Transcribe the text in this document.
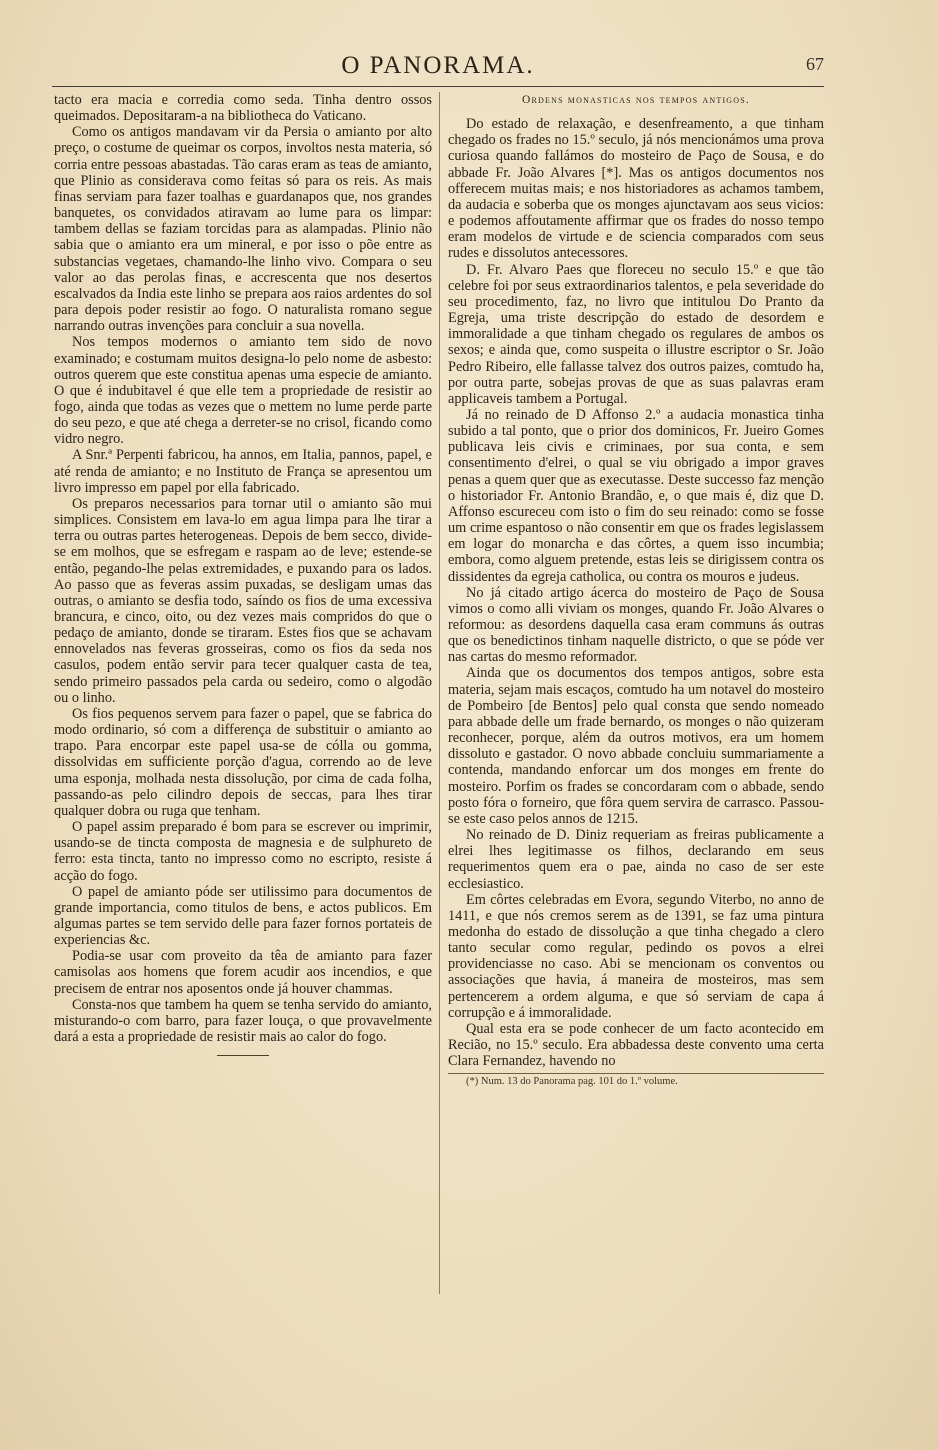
O PANORAMA.	67

tacto era macia e corredia como seda. Tinha dentro ossos queimados. Depositaram-a na bibliotheca do Vaticano.

Como os antigos mandavam vir da Persia o amianto por alto preço, o costume de queimar os corpos, involtos nesta materia, só corria entre pessoas abastadas. Tão caras eram as teas de amianto, que Plinio as considerava como feitas só para os reis. As mais finas serviam para fazer toalhas e guardanapos que, nos grandes banquetes, os convidados atiravam ao lume para os limpar: tambem dellas se faziam torcidas para as alampadas. Plinio não sabia que o amianto era um mineral, e por isso o põe entre as substancias vegetaes, chamando-lhe linho vivo. Compara o seu valor ao das perolas finas, e accrescenta que nos desertos escalvados da India este linho se prepara aos raios ardentes do sol para depois poder resistir ao fogo. O naturalista romano segue narrando outras invenções para concluir a sua novella.

Nos tempos modernos o amianto tem sido de novo examinado; e costumam muitos designa-lo pelo nome de asbesto: outros querem que este constitua apenas uma especie de amianto. O que é indubitavel é que elle tem a propriedade de resistir ao fogo, ainda que todas as vezes que o mettem no lume perde parte do seu pezo, e que até chega a derreter-se no crisol, ficando como vidro negro.

A Snr.ª Perpenti fabricou, ha annos, em Italia, pannos, papel, e até renda de amianto; e no Instituto de França se apresentou um livro impresso em papel por ella fabricado.

Os preparos necessarios para tornar util o amianto são mui simplices. Consistem em lava-lo em agua limpa para lhe tirar a terra ou outras partes heterogeneas. Depois de bem secco, divide-se em molhos, que se esfregam e raspam ao de leve; estende-se então, pegando-lhe pelas extremidades, e puxando para os lados. Ao passo que as feveras assim puxadas, se desligam umas das outras, o amianto se desfia todo, saíndo os fios de uma excessiva brancura, e cinco, oito, ou dez vezes mais compridos do que o pedaço de amianto, donde se tiraram. Estes fios que se achavam ennovelados nas feveras grosseiras, como os fios da seda nos casulos, podem então servir para tecer qualquer casta de tea, sendo primeiro passados pela carda ou sedeiro, como o algodão ou o linho.

Os fios pequenos servem para fazer o papel, que se fabrica do modo ordinario, só com a differença de substituir o amianto ao trapo. Para encorpar este papel usa-se de cólla ou gomma, dissolvidas em sufficiente porção d'agua, correndo ao de leve uma esponja, molhada nesta dissolução, por cima de cada folha, passando-as pelo cilindro depois de seccas, para lhes tirar qualquer dobra ou ruga que tenham.

O papel assim preparado é bom para se escrever ou imprimir, usando-se de tincta composta de magnesia e de sulphureto de ferro: esta tincta, tanto no impresso como no escripto, resiste á acção do fogo.

O papel de amianto póde ser utilissimo para documentos de grande importancia, como titulos de bens, e actos publicos. Em algumas partes se tem servido delle para fazer fornos portateis de experiencias &c.

Podia-se usar com proveito da têa de amianto para fazer camisolas aos homens que forem acudir aos incendios, e que precisem de entrar nos aposentos onde já houver chammas.

Consta-nos que tambem ha quem se tenha servido do amianto, misturando-o com barro, para fazer louça, o que provavelmente dará a esta a propriedade de resistir mais ao calor do fogo.

Ordens monasticas nos tempos antigos.

Do estado de relaxação, e desenfreamento, a que tinham chegado os frades no 15.º seculo, já nós mencionámos uma prova curiosa quando fallámos do mosteiro de Paço de Sousa, e do abbade Fr. João Alvares [*]. Mas os antigos documentos nos offerecem muitas mais; e nos historiadores as achamos tambem, da audacia e soberba que os monges ajunctavam aos seus vicios: e podemos affoutamente affirmar que os frades do nosso tempo eram modelos de virtude e de sciencia comparados com seus rudes e dissolutos antecessores.

D. Fr. Alvaro Paes que floreceu no seculo 15.º e que tão celebre foi por seus extraordinarios talentos, e pela severidade do seu procedimento, faz, no livro que intitulou Do Pranto da Egreja, uma triste descripção do estado de desordem e immoralidade a que tinham chegado os regulares de ambos os sexos; e ainda que, como suspeita o illustre escriptor o Sr. João Pedro Ribeiro, elle fallasse talvez dos outros paizes, comtudo ha, por outra parte, sobejas provas de que as suas palavras eram applicaveis tambem a Portugal.

Já no reinado de D Affonso 2.º a audacia monastica tinha subido a tal ponto, que o prior dos dominicos, Fr. Jueiro Gomes publicava leis civis e criminaes, por sua conta, e sem consentimento d'elrei, o qual se viu obrigado a impor graves penas a quem quer que as executasse. Deste successo faz menção o historiador Fr. Antonio Brandão, e, o que mais é, diz que D. Affonso escureceu com isto o fim do seu reinado: como se fosse um crime espantoso o não consentir em que os frades legislassem em logar do monarcha e das côrtes, a quem isso incumbia; embora, como alguem pretende, estas leis se dirigissem contra os dissidentes da egreja catholica, ou contra os mouros e judeus.

No já citado artigo ácerca do mosteiro de Paço de Sousa vimos o como alli viviam os monges, quando Fr. João Alvares o reformou: as desordens daquella casa eram communs ás outras que os benedictinos tinham naquelle districto, o que se póde ver nas cartas do mesmo reformador.

Ainda que os documentos dos tempos antigos, sobre esta materia, sejam mais escaços, comtudo ha um notavel do mosteiro de Pombeiro [de Bentos] pelo qual consta que sendo nomeado para abbade delle um frade bernardo, os monges o não quizeram reconhecer, porque, além da outros motivos, era um homem dissoluto e gastador. O novo abbade concluiu summariamente a contenda, mandando enforcar um dos monges em frente do mosteiro. Porfim os frades se concordaram com o abbade, sendo posto fóra o forneiro, que fôra quem servira de carrasco. Passou-se este caso pelos annos de 1215.

No reinado de D. Diniz requeriam as freiras publicamente a elrei lhes legitimasse os filhos, declarando em seus requerimentos quem era o pae, ainda no caso de ser este ecclesiastico.

Em côrtes celebradas em Evora, segundo Viterbo, no anno de 1411, e que nós cremos serem as de 1391, se faz uma pintura medonha do estado de dissolução a que tinha chegado a clero tanto secular como regular, pedindo os povos a elrei providenciasse no caso. Abi se mencionam os conventos ou associações que havia, á maneira de mosteiros, mas sem pertencerem a ordem alguma, e que só serviam de capa á corrupção e á immoralidade.

Qual esta era se pode conhecer de um facto acontecido em Recião, no 15.º seculo. Era abbadessa deste convento uma certa Clara Fernandez, havendo no

(*) Num. 13 do Panorama pag. 101 do 1.º volume.
